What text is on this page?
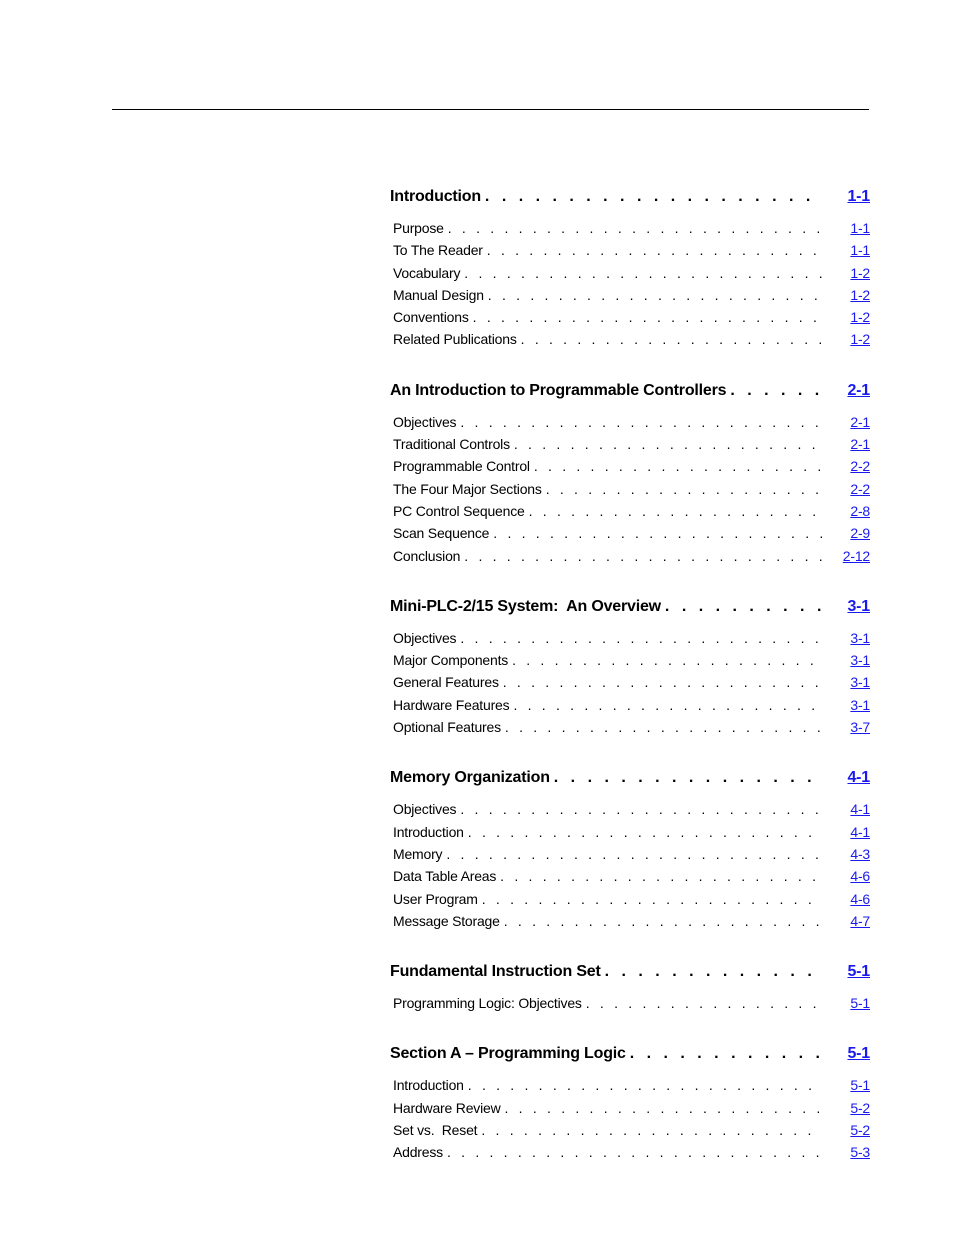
Introduction . . .	1-1
Purpose . . .	1-1
To The Reader . . .	1-1
Vocabulary . . .	1-2
Manual Design . . .	1-2
Conventions . . .	1-2
Related Publications . . .	1-2
An Introduction to Programmable Controllers . . .	2-1
Objectives . . .	2-1
Traditional Controls . . .	2-1
Programmable Control . . .	2-2
The Four Major Sections . . .	2-2
PC Control Sequence . . .	2-8
Scan Sequence . . .	2-9
Conclusion . . .	2-12
Mini-PLC-2/15 System:  An Overview . . .	3-1
Objectives . . .	3-1
Major Components . . .	3-1
General Features . . .	3-1
Hardware Features . . .	3-1
Optional Features . . .	3-7
Memory Organization . . .	4-1
Objectives . . .	4-1
Introduction . . .	4-1
Memory . . .	4-3
Data Table Areas . . .	4-6
User Program . . .	4-6
Message Storage . . .	4-7
Fundamental Instruction Set . . .	5-1
Programming Logic: Objectives . . .	5-1
Section A – Programming Logic . . .	5-1
Introduction . . .	5-1
Hardware Review . . .	5-2
Set vs.  Reset . . .	5-2
Address . . .	5-3
